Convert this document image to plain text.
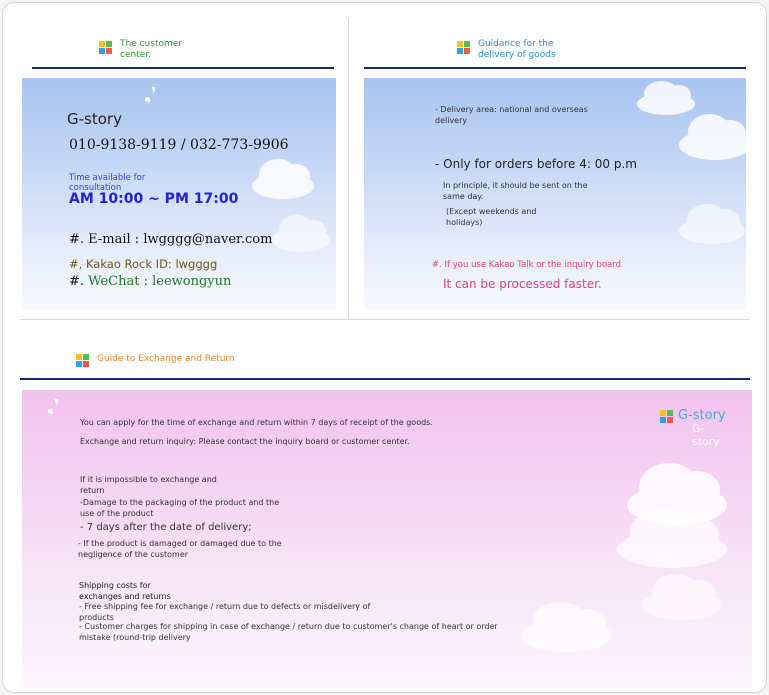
The customer
center.
❟❜
G-story
010-9138-9119 / 032-773-9906
Time available for
consultation
AM 10:00 ~ PM 17:00
#. E-mail : lwgggg@naver.com
#, Kakao Rock ID: lwgggg
#. WeChat : leewongyun
Guidance for the
delivery of goods
- Delivery area: national and overseas
delivery
- Only for orders before 4: 00 p.m
In principle, it should be sent on the
same day.
(Except weekends and
holidays)
#. If you use Kakao Talk or the inquiry board
It can be processed faster.
Guide to Exchange and Return
❟❜	G-story
G-story
You can apply for the time of exchange and return within 7 days of receipt of the goods.
Exchange and return inquiry: Please contact the inquiry board or customer center.
If it is impossible to exchange and
return
-Damage to the packaging of the product and the
use of the product
- 7 days after the date of delivery;
- If the product is damaged or damaged due to the
negligence of the customer
Shipping costs for
exchanges and returns
- Free shipping fee for exchange / return due to defects or misdelivery of
products
- Customer charges for shipping in case of exchange / return due to customer's change of heart or order
mistake (round-trip delivery
